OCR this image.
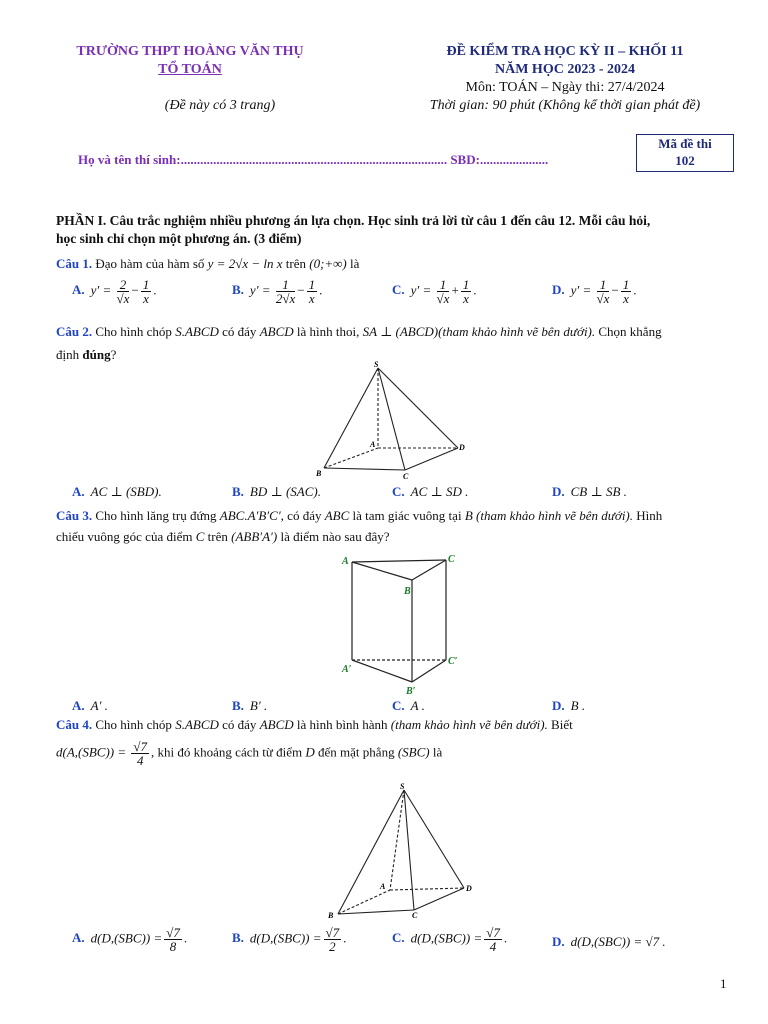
TRƯỜNG THPT HOÀNG VĂN THỤ
TỔ TOÁN
(Đề này có 3 trang)
ĐỀ KIỂM TRA HỌC KỲ II – KHỐI 11
NĂM HỌC 2023 - 2024
Môn: TOÁN – Ngày thi: 27/4/2024
Thời gian: 90 phút (Không kể thời gian phát đề)
Họ và tên thí sinh:.................................................................................. SBD:.....................
Mã đề thi
102
PHẦN I. Câu trắc nghiệm nhiều phương án lựa chọn. Học sinh trả lời từ câu 1 đến câu 12. Mỗi câu hỏi,
học sinh chỉ chọn một phương án. (3 điểm)
Câu 1. Đạo hàm của hàm số y = 2√x − ln x trên (0;+∞) là
A. $y' = \frac{2}{√x} - \frac{1}{x}$ .	B. $y' = \frac{1}{2√x} - \frac{1}{x}$ .	C. $y' = \frac{1}{√x} + \frac{1}{x}$ .	D. $y' = \frac{1}{√x} - \frac{1}{x}$ .
Câu 2. Cho hình chóp S.ABCD có đáy ABCD là hình thoi, SA ⊥ (ABCD)(tham khảo hình vẽ bên dưới). Chọn khẳng
định đúng?
S
A
B	C
D
A. AC ⊥ (SBD).	B. BD ⊥ (SAC).	C. AC ⊥ SD .	D. CB ⊥ SB .
Câu 3. Cho hình lăng trụ đứng ABC.A′B′C′, có đáy ABC là tam giác vuông tại B (tham khảo hình vẽ bên dưới). Hình
chiếu vuông góc của điểm C trên (ABB′A′) là điểm nào sau đây?
A	C
B
A′
C′
B′
A. A′ .	B. B′ .	C. A .	D. B .
Câu 4. Cho hình chóp S.ABCD có đáy ABCD là hình bình hành (tham khảo hình vẽ bên dưới). Biết
$d(A,(SBC)) = \frac{√7}{4}$ , khi đó khoảng cách từ điểm D đến mặt phẳng (SBC) là
S
A
B	C
D
A. $d(D,(SBC)) = \frac{√7}{8}$ .	B. $d(D,(SBC)) = \frac{√7}{2}$ .	C. $d(D,(SBC)) = \frac{√7}{4}$ .	D. d(D,(SBC)) = √7 .
1
